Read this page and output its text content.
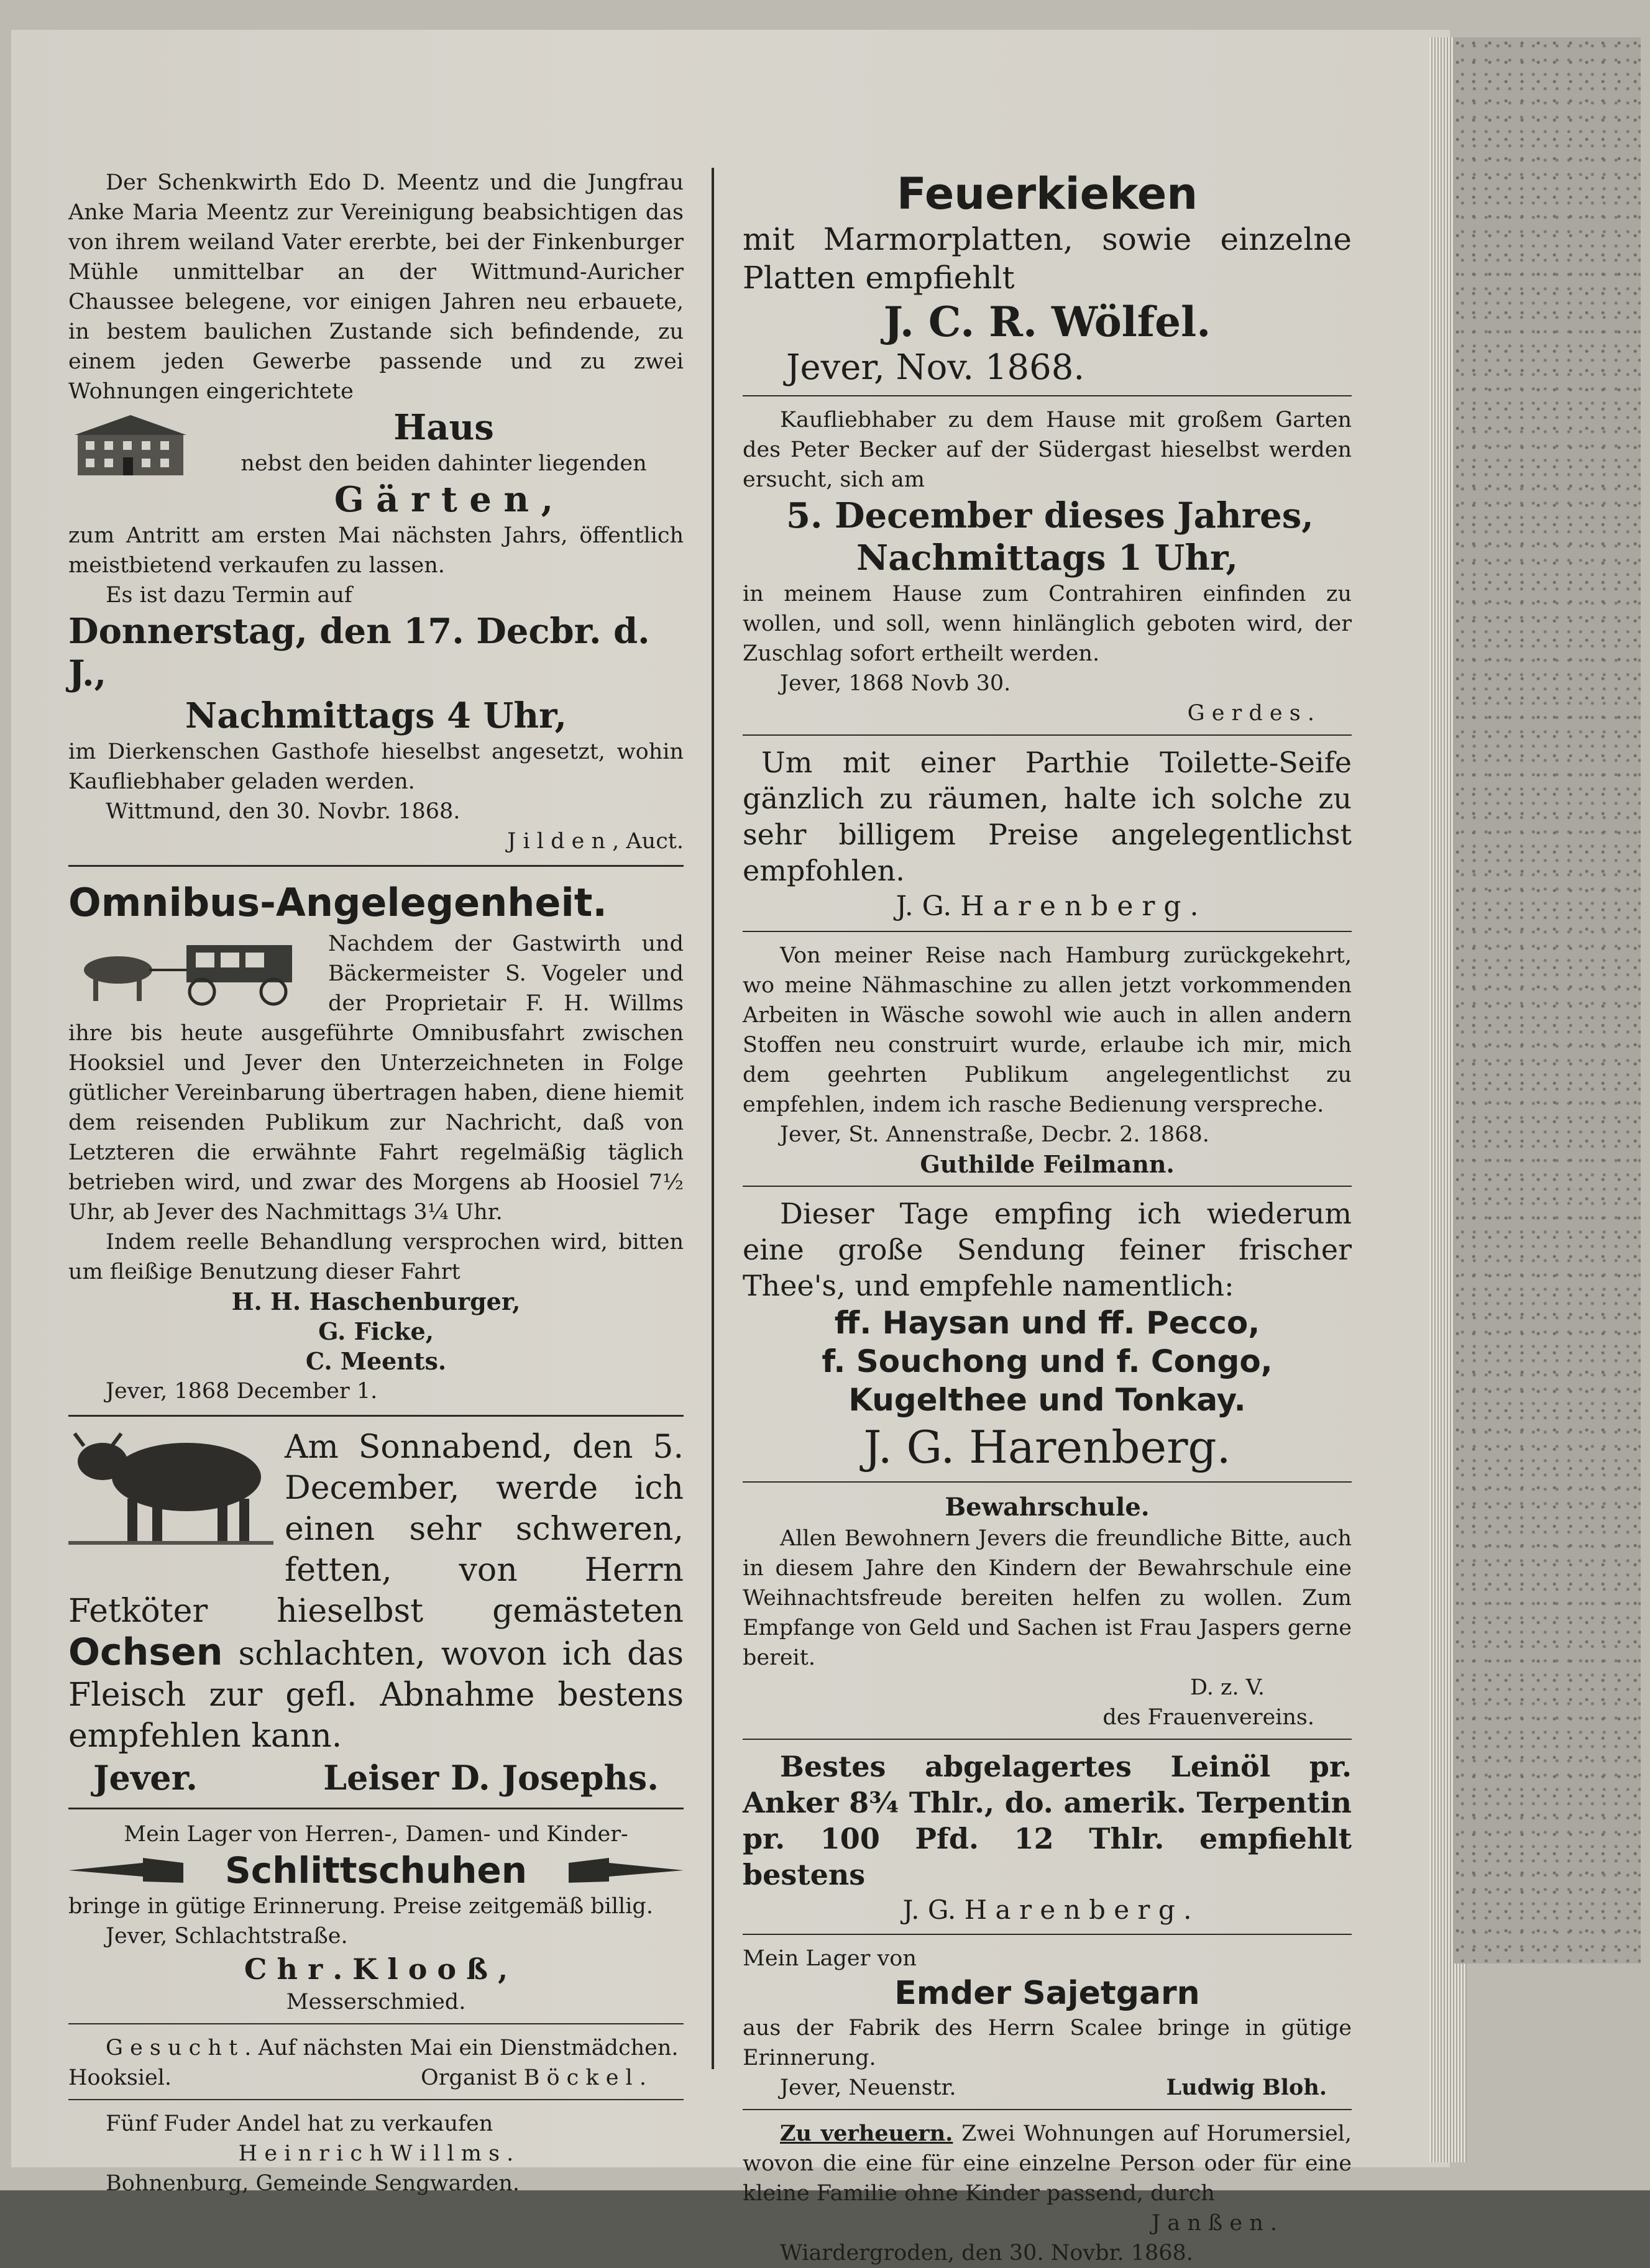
Der Schenkwirth Edo D. Meentz und die Jungfrau Anke Maria Meentz zur Vereinigung beabsichtigen das von ihrem weiland Vater ererbte, bei der Finkenburger Mühle unmittelbar an der Wittmund-Auricher Chaussee belegene, vor einigen Jahren neu erbauete, in bestem baulichen Zustande sich befindende, zu einem jeden Gewerbe passende und zu zwei Wohnungen eingerichtete
Haus
nebst den beiden dahinter liegenden
G ä r t e n ,
zum Antritt am ersten Mai nächsten Jahrs, öffentlich meistbietend verkaufen zu lassen.
Es ist dazu Termin auf
Donnerstag, den 17. Decbr. d. J.,
Nachmittags 4 Uhr,
im Dierkenschen Gasthofe hieselbst angesetzt, wohin Kaufliebhaber geladen werden.
Wittmund, den 30. Novbr. 1868.
J i l d e n , Auct.
Omnibus-Angelegenheit.
Nachdem der Gastwirth und Bäckermeister S. Vogeler und der Proprietair F. H. Willms ihre bis heute ausgeführte Omnibusfahrt zwischen Hooksiel und Jever den Unterzeichneten in Folge gütlicher Vereinbarung übertragen haben, diene hiemit dem reisenden Publikum zur Nachricht, daß von Letzteren die erwähnte Fahrt regelmäßig täglich betrieben wird, und zwar des Morgens ab Hoosiel 7½ Uhr, ab Jever des Nachmittags 3¼ Uhr.
Indem reelle Behandlung versprochen wird, bitten um fleißige Benutzung dieser Fahrt
H. H. Haschenburger,
G. Ficke,
C. Meents.
Jever, 1868 December 1.
Am Sonnabend, den 5. December, werde ich einen sehr schweren, fetten, von Herrn Fetköter hieselbst gemästeten Ochsen schlachten, wovon ich das Fleisch zur gefl. Abnahme bestens empfehlen kann.
Jever.	Leiser D. Josephs.
Mein Lager von Herren-, Damen- und Kinder-
Schlittschuhen
bringe in gütige Erinnerung. Preise zeitgemäß billig.
Jever, Schlachtstraße.
C h r . K l o o ß ,
Messerschmied.
G e s u c h t . Auf nächsten Mai ein Dienstmädchen.
Hooksiel.	Organist B ö c k e l .
Fünf Fuder Andel hat zu verkaufen
H e i n r i c h W i l l m s .
Bohnenburg, Gemeinde Sengwarden.
Feuerkieken
mit Marmorplatten, sowie einzelne Platten empfiehlt
J. C. R. Wölfel.
Jever, Nov. 1868.
Kaufliebhaber zu dem Hause mit großem Garten des Peter Becker auf der Südergast hieselbst werden ersucht, sich am
5. December dieses Jahres,
Nachmittags 1 Uhr,
in meinem Hause zum Contrahiren einfinden zu wollen, und soll, wenn hinlänglich geboten wird, der Zuschlag sofort ertheilt werden.
Jever, 1868 Novb 30.
G e r d e s .
Um mit einer Parthie Toilette-Seife gänzlich zu räumen, halte ich solche zu sehr billigem Preise angelegentlichst empfohlen.
J. G. H a r e n b e r g .
Von meiner Reise nach Hamburg zurückgekehrt, wo meine Nähmaschine zu allen jetzt vorkommenden Arbeiten in Wäsche sowohl wie auch in allen andern Stoffen neu construirt wurde, erlaube ich mir, mich dem geehrten Publikum angelegentlichst zu empfehlen, indem ich rasche Bedienung verspreche.
Jever, St. Annenstraße, Decbr. 2. 1868.
Guthilde Feilmann.
Dieser Tage empfing ich wiederum eine große Sendung feiner frischer Thee's, und empfehle namentlich:
ff. Haysan und ff. Pecco,
f. Souchong und f. Congo,
Kugelthee und Tonkay.
J. G. Harenberg.
Bewahrschule.
Allen Bewohnern Jevers die freundliche Bitte, auch in diesem Jahre den Kindern der Bewahrschule eine Weihnachtsfreude bereiten helfen zu wollen. Zum Empfange von Geld und Sachen ist Frau Jaspers gerne bereit.
D. z. V.
des Frauenvereins.
Bestes abgelagertes Leinöl pr. Anker 8¾ Thlr., do. amerik. Terpentin pr. 100 Pfd. 12 Thlr. empfiehlt bestens
J. G. H a r e n b e r g .
Mein Lager von
Emder Sajetgarn
aus der Fabrik des Herrn Scalee bringe in gütige Erinnerung.
Jever, Neuenstr.	Ludwig Bloh.
Zu verheuern. Zwei Wohnungen auf Horumersiel, wovon die eine für eine einzelne Person oder für eine kleine Familie ohne Kinder passend, durch
J a n ß e n .
Wiardergroden, den 30. Novbr. 1868.
